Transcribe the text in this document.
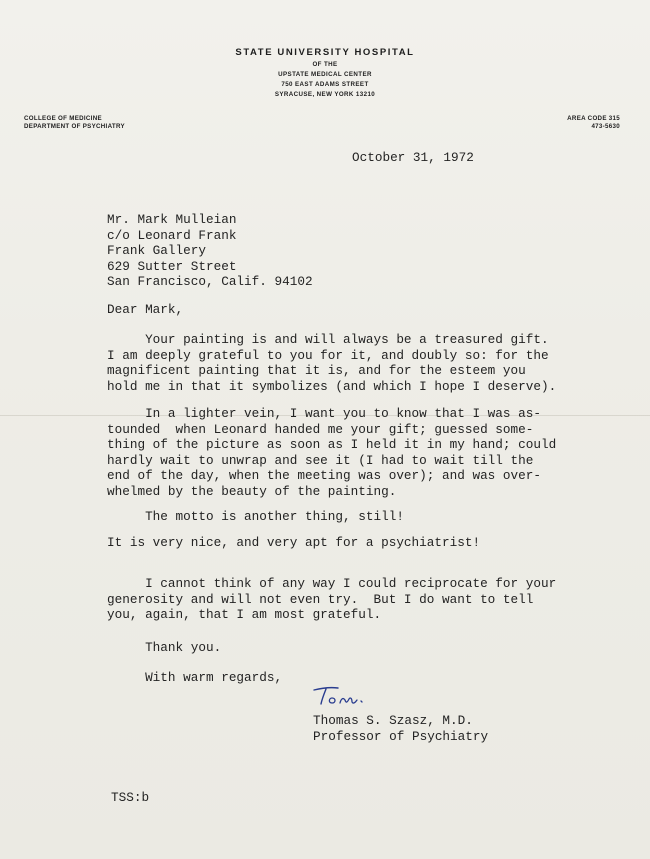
STATE UNIVERSITY HOSPITAL
OF THE
UPSTATE MEDICAL CENTER
750 EAST ADAMS STREET
SYRACUSE, NEW YORK 13210
COLLEGE OF MEDICINE
DEPARTMENT OF PSYCHIATRY
AREA CODE 315
473-5630
October 31, 1972
Mr. Mark Mulleian
c/o Leonard Frank
Frank Gallery
629 Sutter Street
San Francisco, Calif. 94102
Dear Mark,
Your painting is and will always be a treasured gift.
I am deeply grateful to you for it, and doubly so: for the
magnificent painting that it is, and for the esteem you
hold me in that it symbolizes (and which I hope I deserve).
In a lighter vein, I want you to know that I was as-
tounded  when Leonard handed me your gift; guessed some-
thing of the picture as soon as I held it in my hand; could
hardly wait to unwrap and see it (I had to wait till the
end of the day, when the meeting was over); and was over-
whelmed by the beauty of the painting.
The motto is another thing, still!
It is very nice, and very apt for a psychiatrist!
I cannot think of any way I could reciprocate for your
generosity and will not even try.  But I do want to tell
you, again, that I am most grateful.
Thank you.
With warm regards,
Thomas S. Szasz, M.D.
Professor of Psychiatry
TSS:b
